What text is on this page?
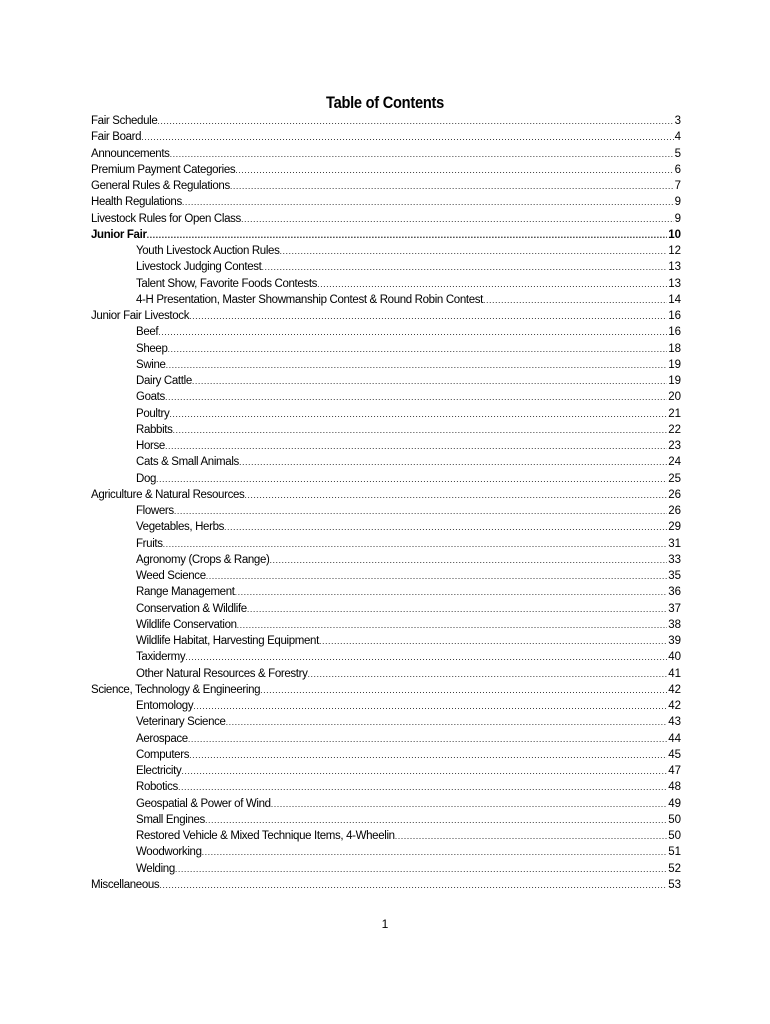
Table of Contents
Fair Schedule .....	3
Fair Board .....	4
Announcements .....	5
Premium Payment Categories .....	6
General Rules & Regulations .....	7
Health Regulations .....	9
Livestock Rules for Open Class .....	9
Junior Fair .....	10
Youth Livestock Auction Rules .....	12
Livestock Judging Contest .....	13
Talent Show, Favorite Foods Contests .....	13
4-H Presentation, Master Showmanship Contest & Round Robin Contest .....	14
Junior Fair Livestock .....	16
Beef .....	16
Sheep .....	18
Swine .....	19
Dairy Cattle .....	19
Goats .....	20
Poultry .....	21
Rabbits .....	22
Horse .....	23
Cats & Small Animals .....	24
Dog .....	25
Agriculture & Natural Resources .....	26
Flowers .....	26
Vegetables, Herbs .....	29
Fruits .....	31
Agronomy (Crops & Range) .....	33
Weed Science .....	35
Range Management .....	36
Conservation & Wildlife .....	37
Wildlife Conservation .....	38
Wildlife Habitat, Harvesting Equipment .....	39
Taxidermy .....	40
Other Natural Resources & Forestry .....	41
Science, Technology & Engineering .....	42
Entomology .....	42
Veterinary Science .....	43
Aerospace .....	44
Computers .....	45
Electricity .....	47
Robotics .....	48
Geospatial & Power of Wind .....	49
Small Engines .....	50
Restored Vehicle & Mixed Technique Items, 4-Wheelin .....	50
Woodworking .....	51
Welding .....	52
Miscellaneous .....	53
1
